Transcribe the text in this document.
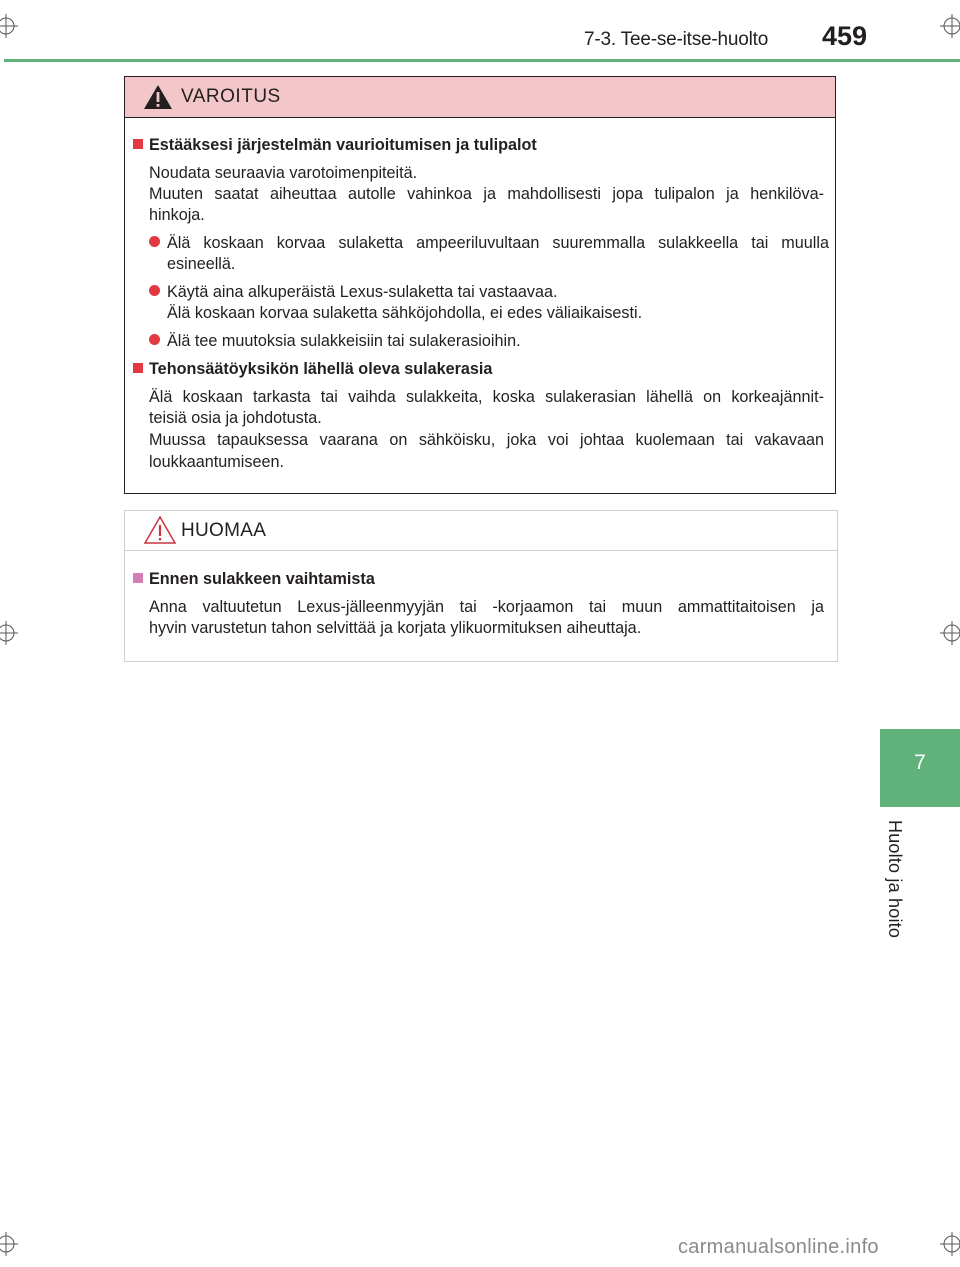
7-3. Tee-se-itse-huolto 459
7
Huolto ja hoito
VAROITUS
Estääksesi järjestelmän vaurioitumisen ja tulipalot
Noudata seuraavia varotoimenpiteitä.
Muuten saatat aiheuttaa autolle vahinkoa ja mahdollisesti jopa tulipalon ja henkilöva-
hinkoja.
Älä koskaan korvaa sulaketta ampeeriluvultaan suuremmalla sulakkeella tai muulla
esineellä.
Käytä aina alkuperäistä Lexus-sulaketta tai vastaavaa.
Älä koskaan korvaa sulaketta sähköjohdolla, ei edes väliaikaisesti.
Älä tee muutoksia sulakkeisiin tai sulakerasioihin.
Tehonsäätöyksikön lähellä oleva sulakerasia
Älä koskaan tarkasta tai vaihda sulakkeita, koska sulakerasian lähellä on korkeajännit-
teisiä osia ja johdotusta.
Muussa tapauksessa vaarana on sähköisku, joka voi johtaa kuolemaan tai vakavaan
loukkaantumiseen.
HUOMAA
Ennen sulakkeen vaihtamista
Anna valtuutetun Lexus-jälleenmyyjän tai -korjaamon tai muun ammattitaitoisen ja
hyvin varustetun tahon selvittää ja korjata ylikuormituksen aiheuttaja.
carmanualsonline.info
